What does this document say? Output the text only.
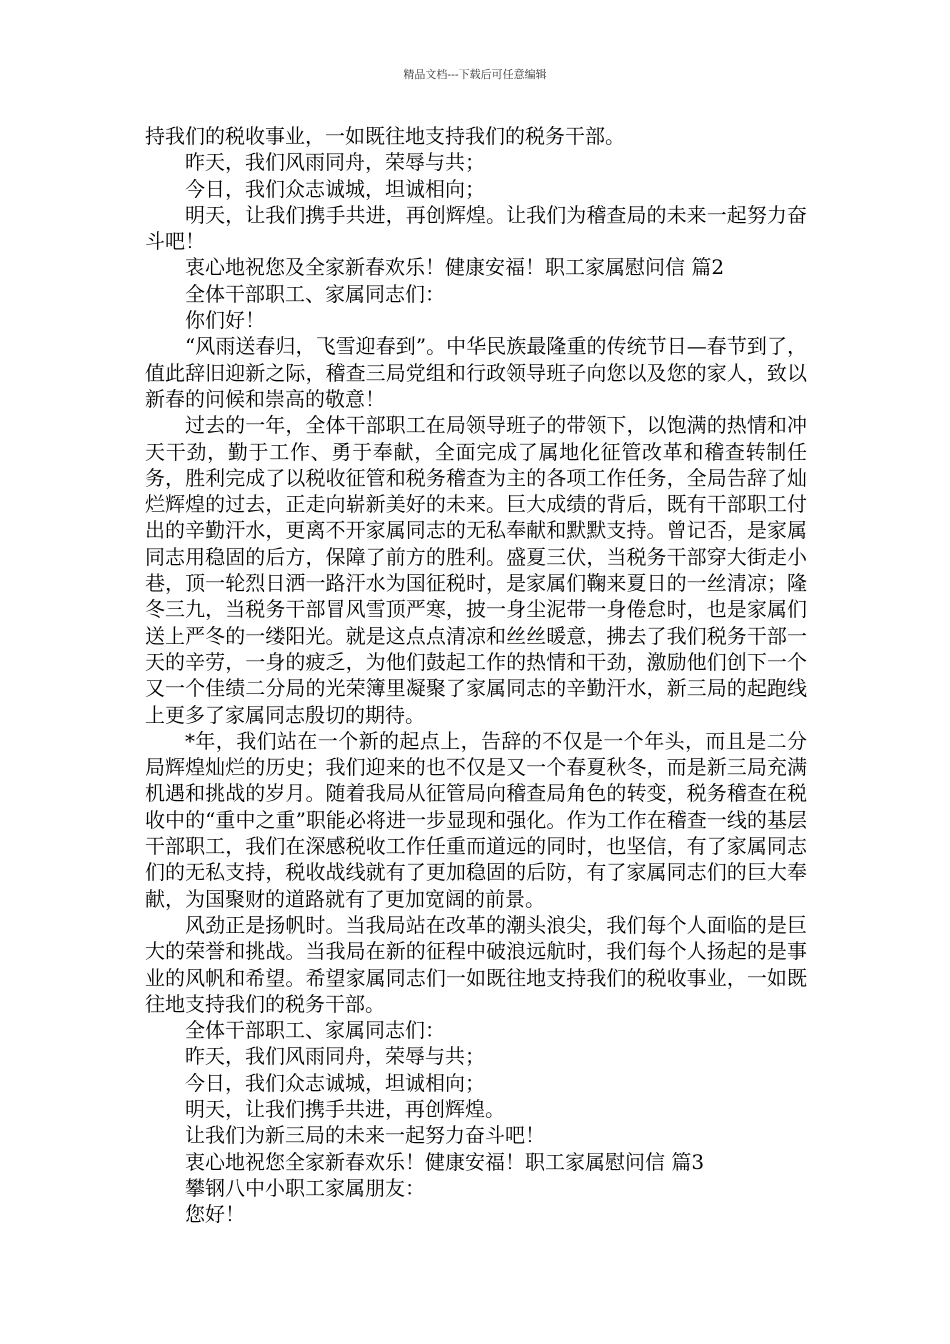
精品文档---下载后可任意编辑

持我们的税收事业，一如既往地支持我们的税务干部。

昨天，我们风雨同舟，荣辱与共；

今日，我们众志诚城，坦诚相向；

明天，让我们携手共进，再创辉煌。让我们为稽查局的未来一起努力奋斗吧！

衷心地祝您及全家新春欢乐！健康安福！职工家属慰问信 篇2

全体干部职工、家属同志们：

你们好！

“风雨送春归，飞雪迎春到”。中华民族最隆重的传统节日—春节到了，值此辞旧迎新之际，稽查三局党组和行政领导班子向您以及您的家人，致以新春的问候和崇高的敬意！

过去的一年，全体干部职工在局领导班子的带领下，以饱满的热情和冲天干劲，勤于工作、勇于奉献，全面完成了属地化征管改革和稽查转制任务，胜利完成了以税收征管和税务稽查为主的各项工作任务，全局告辞了灿烂辉煌的过去，正走向崭新美好的未来。巨大成绩的背后，既有干部职工付出的辛勤汗水，更离不开家属同志的无私奉献和默默支持。曾记否，是家属同志用稳固的后方，保障了前方的胜利。盛夏三伏，当税务干部穿大街走小巷，顶一轮烈日洒一路汗水为国征税时，是家属们鞠来夏日的一丝清凉；隆冬三九，当税务干部冒风雪顶严寒，披一身尘泥带一身倦怠时，也是家属们送上严冬的一缕阳光。就是这点点清凉和丝丝暖意，拂去了我们税务干部一天的辛劳，一身的疲乏，为他们鼓起工作的热情和干劲，激励他们创下一个又一个佳绩二分局的光荣簿里凝聚了家属同志的辛勤汗水，新三局的起跑线上更多了家属同志殷切的期待。

*年，我们站在一个新的起点上，告辞的不仅是一个年头，而且是二分局辉煌灿烂的历史；我们迎来的也不仅是又一个春夏秋冬，而是新三局充满机遇和挑战的岁月。随着我局从征管局向稽查局角色的转变，税务稽查在税收中的“重中之重”职能必将进一步显现和强化。作为工作在稽查一线的基层干部职工，我们在深感税收工作任重而道远的同时，也坚信，有了家属同志们的无私支持，税收战线就有了更加稳固的后防，有了家属同志们的巨大奉献，为国聚财的道路就有了更加宽阔的前景。

风劲正是扬帆时。当我局站在改革的潮头浪尖，我们每个人面临的是巨大的荣誉和挑战。当我局在新的征程中破浪远航时，我们每个人扬起的是事业的风帆和希望。希望家属同志们一如既往地支持我们的税收事业，一如既往地支持我们的税务干部。

全体干部职工、家属同志们：

昨天，我们风雨同舟，荣辱与共；

今日，我们众志诚城，坦诚相向；

明天，让我们携手共进，再创辉煌。

让我们为新三局的未来一起努力奋斗吧！

衷心地祝您全家新春欢乐！健康安福！职工家属慰问信 篇3

攀钢八中小职工家属朋友：

您好！
